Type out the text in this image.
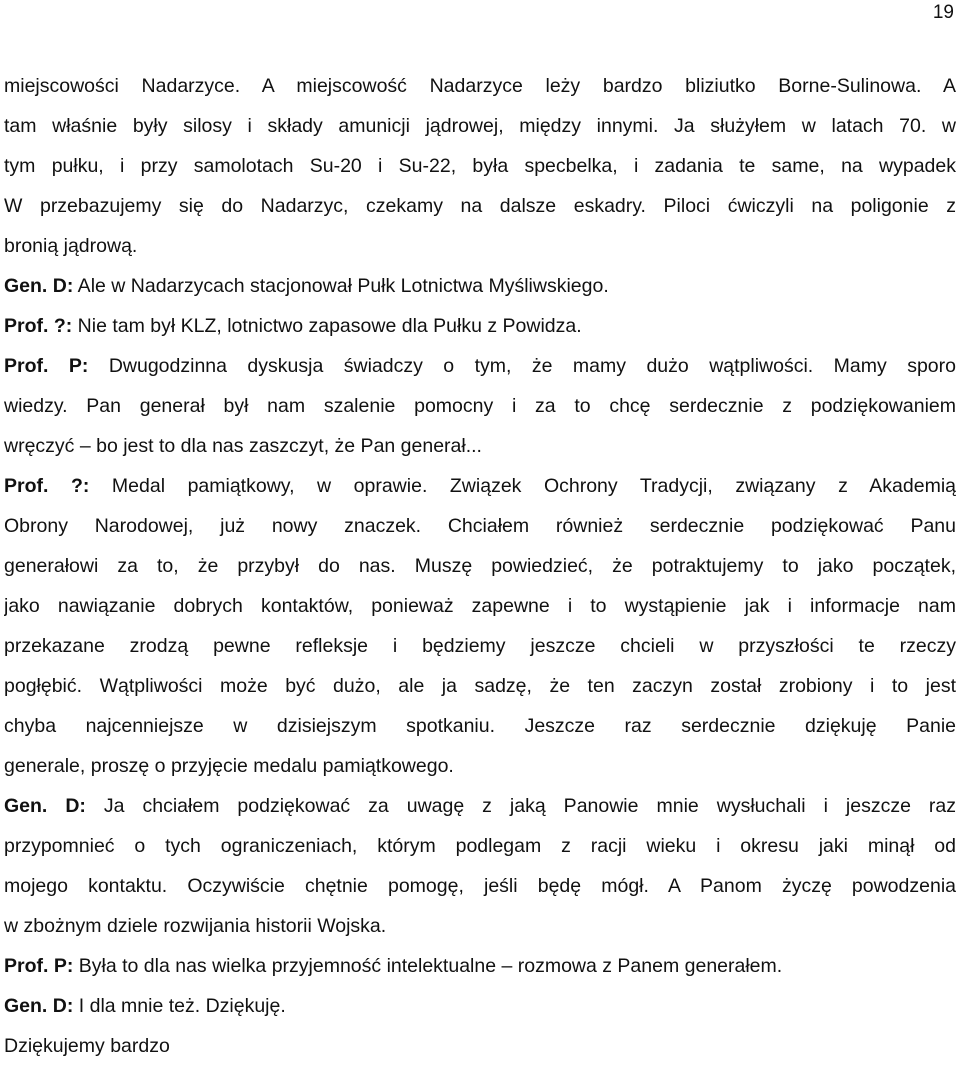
19
miejscowości Nadarzyce. A miejscowość Nadarzyce leży bardzo bliziutko Borne-Sulinowa. A
tam właśnie były silosy i składy amunicji jądrowej, między innymi. Ja służyłem w latach 70. w
tym pułku, i przy samolotach Su-20 i Su-22, była specbelka, i zadania te same, na wypadek
W przebazujemy się do Nadarzyc, czekamy na dalsze eskadry. Piloci ćwiczyli na poligonie z
bronią jądrową.
Gen. D: Ale w Nadarzycach stacjonował Pułk Lotnictwa Myśliwskiego.
Prof. ?: Nie tam był KLZ, lotnictwo zapasowe dla Pułku z Powidza.
Prof. P: Dwugodzinna dyskusja świadczy o tym, że mamy dużo wątpliwości. Mamy sporo
wiedzy. Pan generał był nam szalenie pomocny i za to chcę serdecznie z podziękowaniem
wręczyć – bo jest to dla nas zaszczyt, że Pan generał...
Prof. ?: Medal pamiątkowy, w oprawie. Związek Ochrony Tradycji, związany z Akademią
Obrony Narodowej, już nowy znaczek. Chciałem również serdecznie podziękować Panu
generałowi za to, że przybył do nas. Muszę powiedzieć, że potraktujemy to jako początek,
jako nawiązanie dobrych kontaktów, ponieważ zapewne i to wystąpienie jak i informacje nam
przekazane zrodzą pewne refleksje i będziemy jeszcze chcieli w przyszłości te rzeczy
pogłębić. Wątpliwości może być dużo, ale ja sadzę, że ten zaczyn został zrobiony i to jest
chyba najcenniejsze w dzisiejszym spotkaniu. Jeszcze raz serdecznie dziękuję Panie
generale, proszę o przyjęcie medalu pamiątkowego.
Gen. D: Ja chciałem podziękować za uwagę z jaką Panowie mnie wysłuchali i jeszcze raz
przypomnieć o tych ograniczeniach, którym podlegam z racji wieku i okresu jaki minął od
mojego kontaktu. Oczywiście chętnie pomogę, jeśli będę mógł. A Panom życzę powodzenia
w zbożnym dziele rozwijania historii Wojska.
Prof. P: Była to dla nas wielka przyjemność intelektualne – rozmowa z Panem generałem.
Gen. D: I dla mnie też. Dziękuję.
Dziękujemy bardzo
